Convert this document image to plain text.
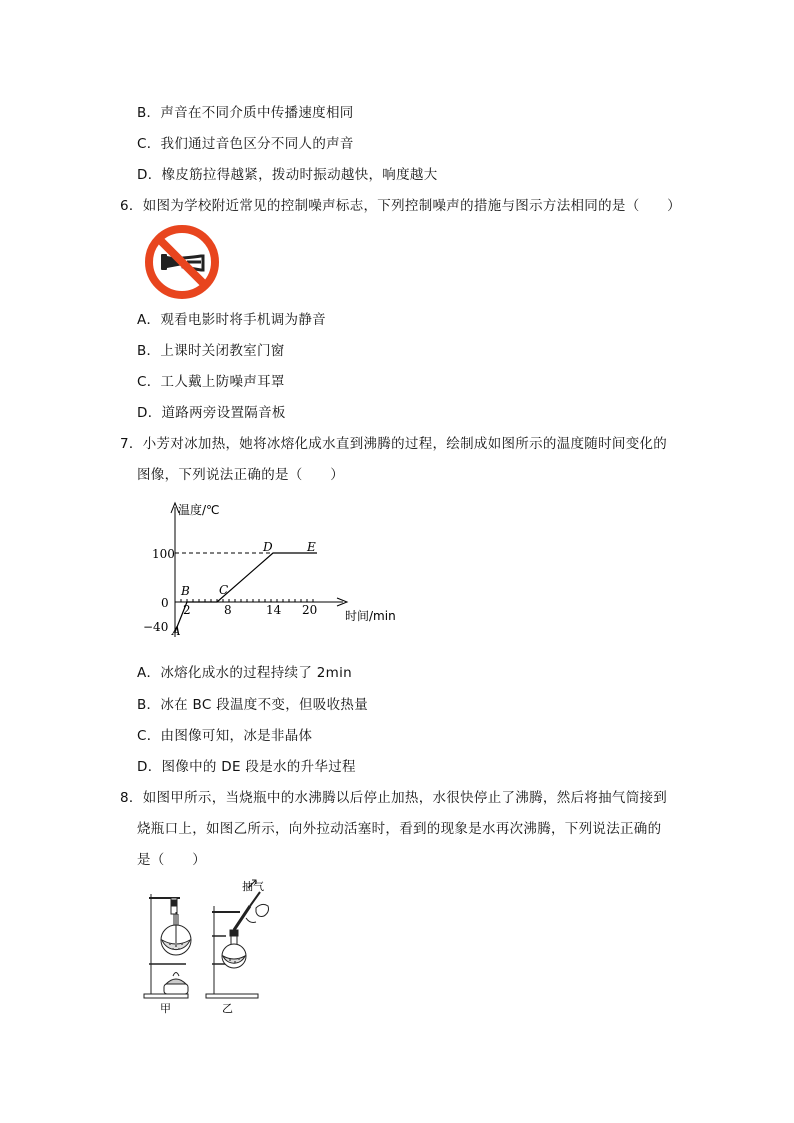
B．声音在不同介质中传播速度相同
C．我们通过音色区分不同人的声音
D．橡皮筋拉得越紧，拨动时振动越快，响度越大
6．如图为学校附近常见的控制噪声标志，下列控制噪声的措施与图示方法相同的是（　　）
A．观看电影时将手机调为静音
B．上课时关闭教室门窗
C．工人戴上防噪声耳罩
D．道路两旁设置隔音板
7．小芳对冰加热，她将冰熔化成水直到沸腾的过程，绘制成如图所示的温度随时间变化的
图像，下列说法正确的是（　　）
温度/℃
时间/min
100
0
−40
2	8	14 20
A
B C
D	E
A．冰熔化成水的过程持续了 2min
B．冰在 BC 段温度不变，但吸收热量
C．由图像可知，冰是非晶体
D．图像中的 DE 段是水的升华过程
8．如图甲所示，当烧瓶中的水沸腾以后停止加热，水很快停止了沸腾，然后将抽气筒接到
烧瓶口上，如图乙所示，向外拉动活塞时，看到的现象是水再次沸腾，下列说法正确的
是（　　）
抽气
甲	乙
